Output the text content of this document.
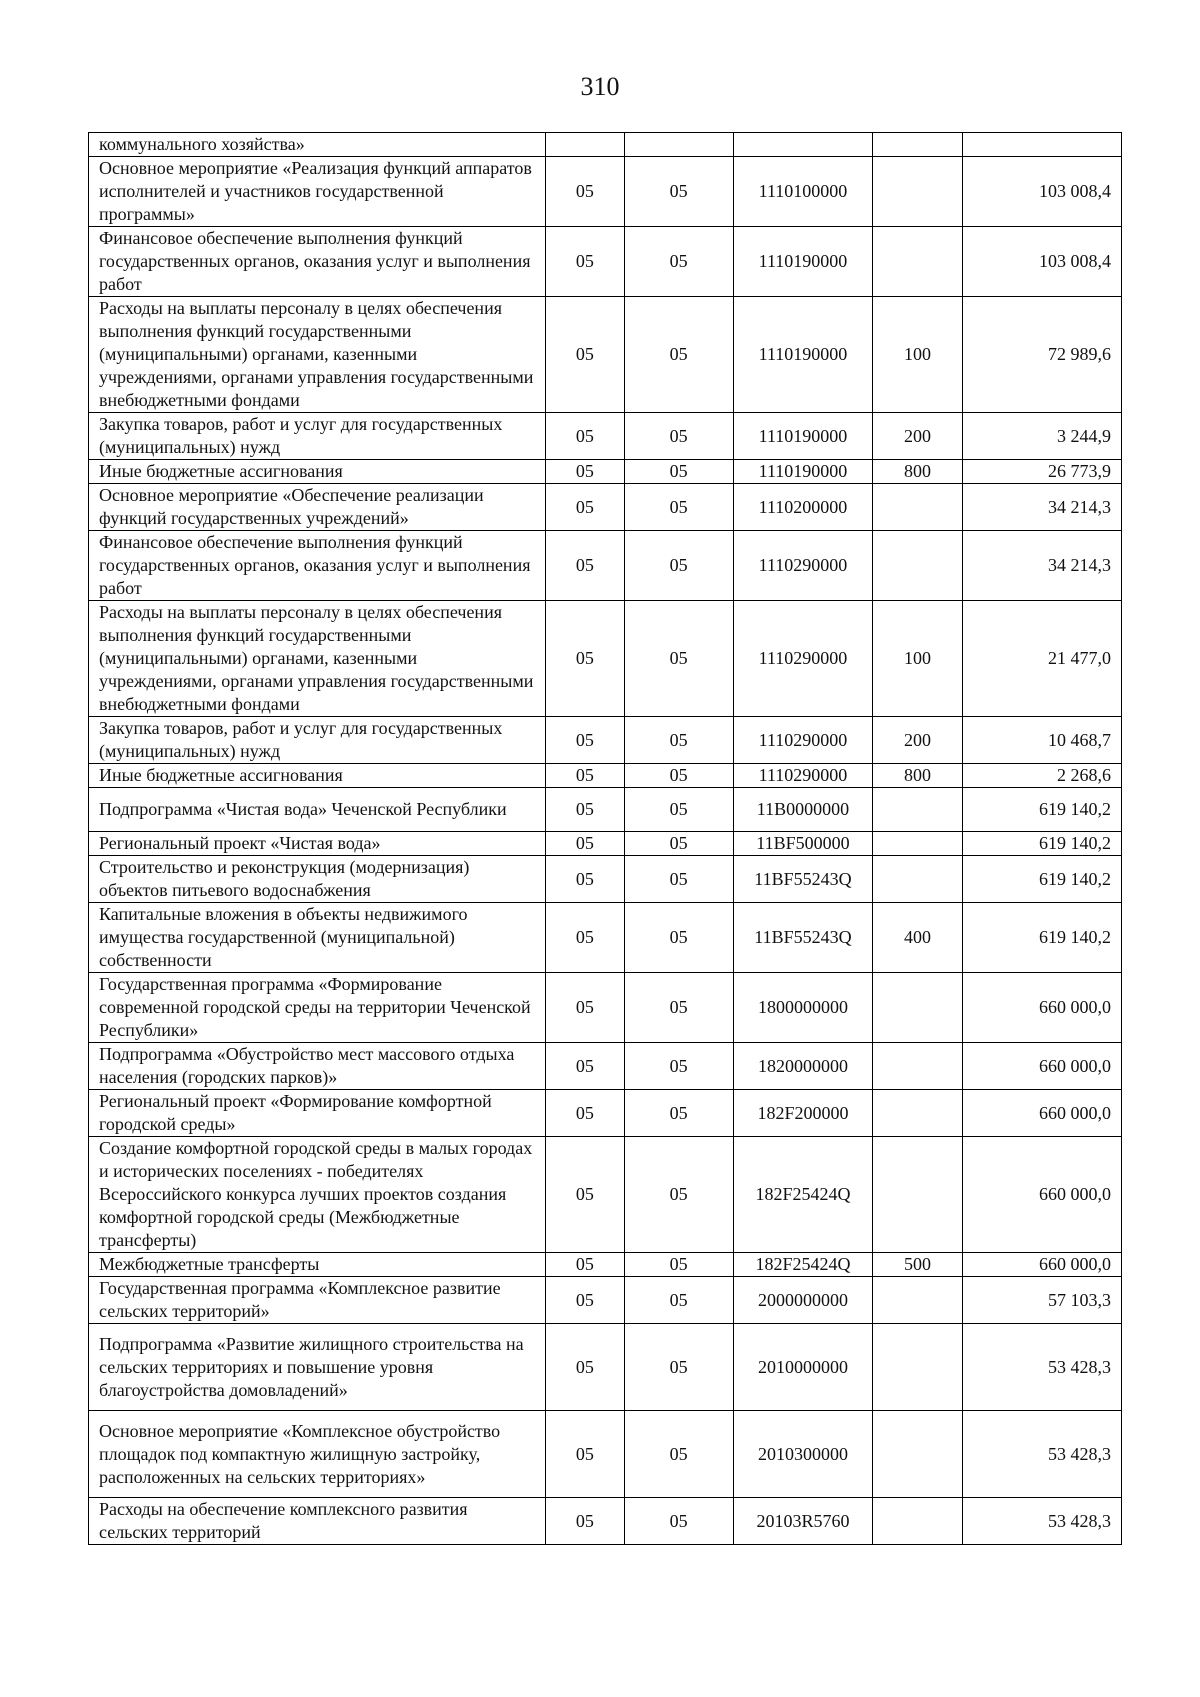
310
коммунального хозяйства»					
Основное мероприятие «Реализация функций аппаратов исполнителей и участников государственной программы»	05	05	1110100000		103 008,4
Финансовое обеспечение выполнения функций государственных органов, оказания услуг и выполнения работ	05	05	1110190000		103 008,4
Расходы на выплаты персоналу в целях обеспечения выполнения функций государственными (муниципальными) органами, казенными учреждениями, органами управления государственными внебюджетными фондами	05	05	1110190000	100	72 989,6
Закупка товаров, работ и услуг для государственных (муниципальных) нужд	05	05	1110190000	200	3 244,9
Иные бюджетные ассигнования	05	05	1110190000	800	26 773,9
Основное мероприятие «Обеспечение реализации функций государственных учреждений»	05	05	1110200000		34 214,3
Финансовое обеспечение выполнения функций государственных органов, оказания услуг и выполнения работ	05	05	1110290000		34 214,3
Расходы на выплаты персоналу в целях обеспечения выполнения функций государственными (муниципальными) органами, казенными учреждениями, органами управления государственными внебюджетными фондами	05	05	1110290000	100	21 477,0
Закупка товаров, работ и услуг для государственных (муниципальных) нужд	05	05	1110290000	200	10 468,7
Иные бюджетные ассигнования	05	05	1110290000	800	2 268,6
Подпрограмма «Чистая вода» Чеченской Республики	05	05	11В0000000		619 140,2
Региональный проект «Чистая вода»	05	05	11ВF500000		619 140,2
Строительство и реконструкция (модернизация) объектов питьевого водоснабжения	05	05	11ВF55243Q		619 140,2
Капитальные вложения в объекты недвижимого имущества государственной (муниципальной) собственности	05	05	11ВF55243Q	400	619 140,2
Государственная программа «Формирование современной городской среды на территории Чеченской Республики»	05	05	1800000000		660 000,0
Подпрограмма «Обустройство мест массового отдыха населения (городских парков)»	05	05	1820000000		660 000,0
Региональный проект «Формирование комфортной городской среды»	05	05	182F200000		660 000,0
Создание комфортной городской среды в малых городах и исторических поселениях - победителях Всероссийского конкурса лучших проектов создания комфортной городской среды (Межбюджетные трансферты)	05	05	182F25424Q		660 000,0
Межбюджетные трансферты	05	05	182F25424Q	500	660 000,0
Государственная программа «Комплексное развитие сельских территорий»	05	05	2000000000		57 103,3
Подпрограмма «Развитие жилищного строительства на сельских территориях и повышение уровня благоустройства домовладений»	05	05	2010000000		53 428,3
Основное мероприятие «Комплексное обустройство площадок под компактную жилищную застройку, расположенных на сельских территориях»	05	05	2010300000		53 428,3
Расходы на обеспечение комплексного развития сельских территорий	05	05	20103R5760		53 428,3
